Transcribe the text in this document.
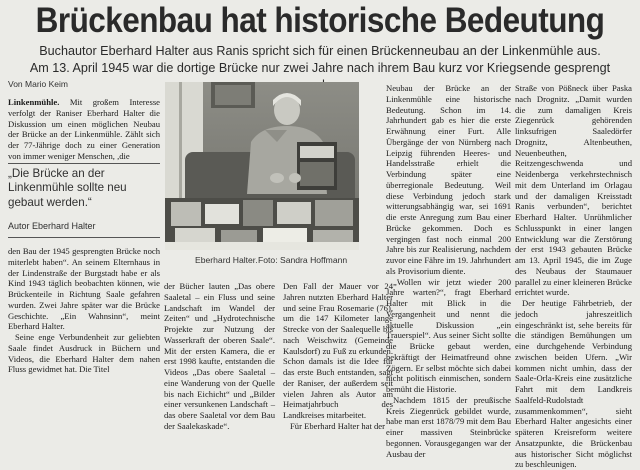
Brückenbau hat historische Bedeutung
Buchautor Eberhard Halter aus Ranis spricht sich für einen Brückenneubau an der Linkenmühle aus.
Am 13. April 1945 war die dortige Brücke nur zwei Jahre nach ihrem Bau kurz vor Kriegsende gesprengt
Von Mario Keim

Linkenmühle. Mit großem Interesse verfolgt der Raniser Eberhard Halter die Diskussion um einen möglichen Neubau der Brücke an der Linkenmühle. Zählt sich der 77-Jährige doch zu einer Generation von immer weniger Menschen, ,die

„Die Brücke an der Linkenmühle sollte neu gebaut werden.“
Autor Eberhard Halter

den Bau der 1945 gesprengten Brücke noch miterlebt haben“. An seinem Elternhaus in der Lindenstraße der Burgstadt habe er als Kind 1943 täglich beobachten können, wie Brückenteile in Richtung Saale gefahren wurden. Zwei Jahre später war die Brücke Geschichte. „Ein Wahnsinn“, meint Eberhard Halter.

Seine enge Verbundenheit zur geliebten Saale findet Ausdruck in Büchern und Videos, die Eberhard Halter dem nahen Fluss gewidmet hat. Die Titel

Eberhard Halter. Foto: Sandra Hoffmann

der Bücher lauten „Das obere Saaletal – ein Fluss und seine Landschaft im Wandel der Zeiten“ und „Hydrotechnische Projekte zur Nutzung der Wasserkraft der oberen Saale“. Mit der ersten Kamera, die er erst 1998 kaufte, entstanden die Videos „Das obere Saaletal – eine Wanderung von der Quelle bis nach Eichicht“ und „Bilder einer versunkenen Landschaft – das obere Saaletal vor dem Bau der Saalekaskade“.

Den Fall der Mauer vor 24 Jahren nutzten Eberhard Halter und seine Frau Rosemarie (76), um die 147 Kilometer lange Strecke von der Saalequelle bis nach Weischwitz (Gemeinde Kaulsdorf) zu Fuß zu erkunden. Schon damals ist die Idee für das erste Buch entstanden, sagt der Raniser, der außerdem seit vielen Jahren als Autor am Heimatjahrbuch des Landkreises mitarbeitet.

Für Eberhard Halter hat der

Neubau der Brücke an der Linkenmühle eine historische Bedeutung. Schon im 14. Jahrhundert gab es hier die erste Erwähnung einer Furt. Alle Übergänge der von Nürnberg nach Leipzig führenden Heeres- und Handelsstraße erhielt die Verbindung später eine überregionale Bedeutung. Weil diese Verbindung jedoch stark witterungsabhängig war, sei 1691 die erste Anregung zum Bau einer Brücke gekommen. Doch es vergingen fast noch einmal 200 Jahre bis zur Realisierung, nachdem zuvor eine Fähre im 19. Jahrhundert als Provisorium diente.

„Wollen wir jetzt wieder 200 Jahre warten?“, fragt Eberhard Halter mit Blick in die Vergangenheit und nennt die aktuelle Diskussion „ein Trauerspiel“. Aus seiner Sicht sollte die Brücke gebaut werden, bekräftigt der Heimatfreund ohne Zögern. Er selbst möchte sich dabei nicht politisch einmischen, sondern bemüht die Historie.

Nachdem 1815 der preußische Kreis Ziegenrück gebildet wurde, habe man erst 1878/79 mit dem Bau einer massiven Steinbrücke begonnen. Vorausgegangen war der Ausbau der

Straße von Pößneck über Paska nach Drognitz. „Damit wurden die zum damaligen Kreis Ziegenrück gehörenden linksufrigen Saaledörfer Drognitz, Altenbeuthen, Neuenbeuthen, Reitzengeschwenda und Neidenberga verkehrstechnisch mit dem Unterland im Orlagau und der damaligen Kreisstadt Ranis verbunden“, berichtet Eberhard Halter. Unrühmlicher Schlusspunkt in einer langen Entwicklung war die Zerstörung der erst 1943 gebauten Brücke am 13. April 1945, die im Zuge des Neubaus der Staumauer parallel zu einer kleineren Brücke errichtet wurde.

Der heutige Fährbetrieb, der jedoch jahreszeitlich eingeschränkt ist, sehe bereits für die ständigen Bemühungen um eine durchgehende Verbindung zwischen beiden Ufern. „Wir kommen nicht umhin, dass der Saale-Orla-Kreis eine zusätzliche Fahrt mit dem Landkreis Saalfeld-Rudolstadt zusammenkommen“, sieht Eberhard Halter angesichts einer späteren Kreisreform weitere Ansatzpunkte, die Brückenbau aus historischer Sicht möglichst zu beschleunigen.
